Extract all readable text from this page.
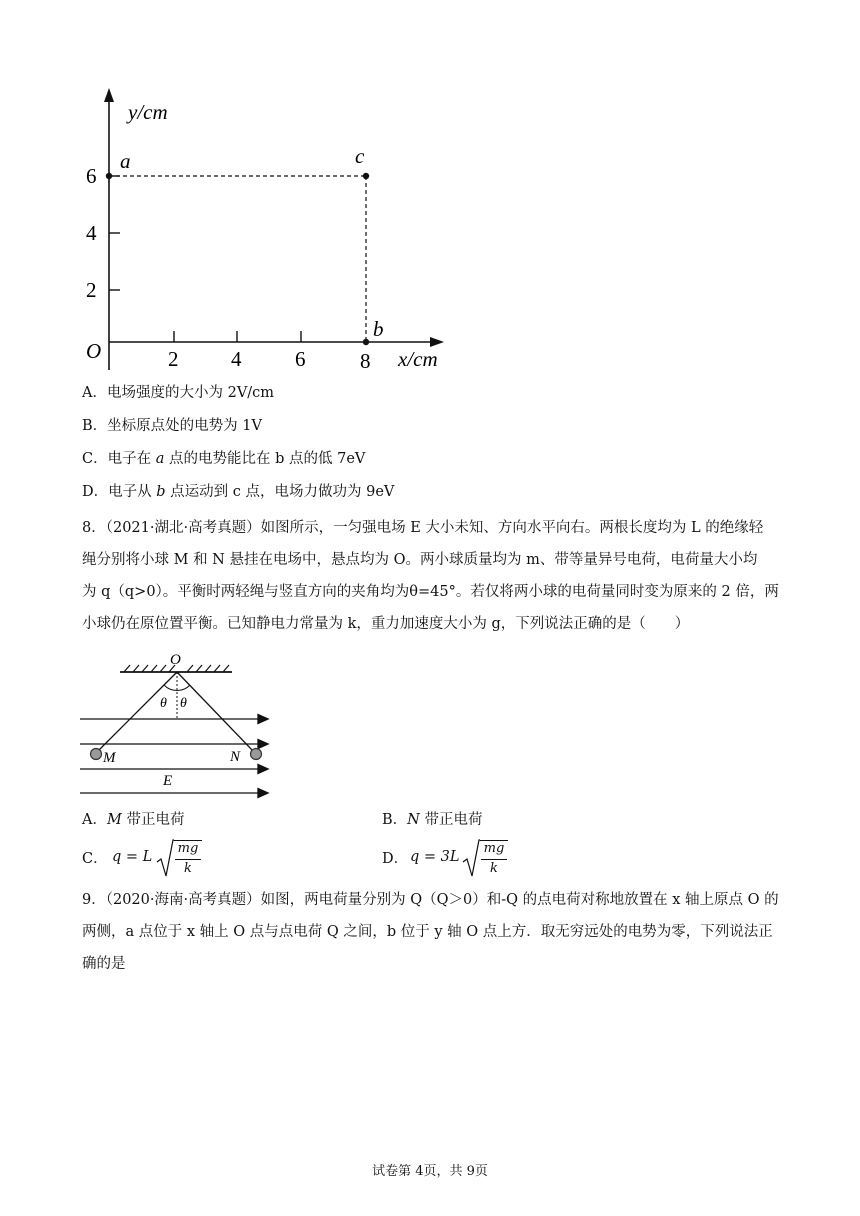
y/cm
x/cm
O
6
4
2
2	4	6	8
a	c
b
A．电场强度的大小为 2V/cm
B．坐标原点处的电势为 1V
C．电子在 a 点的电势能比在 b 点的低 7eV
D．电子从 b 点运动到 c 点，电场力做功为 9eV
8．（2021·湖北·高考真题）如图所示，一匀强电场 E 大小未知、方向水平向右。两根长度均为 L 的绝缘轻
绳分别将小球 M 和 N 悬挂在电场中，悬点均为 O。两小球质量均为 m、带等量异号电荷，电荷量大小均
为 q（q>0）。平衡时两轻绳与竖直方向的夹角均为θ=45°。若仅将两小球的电荷量同时变为原来的 2 倍，两
小球仍在原位置平衡。已知静电力常量为 k，重力加速度大小为 g，下列说法正确的是（　　）
O
θ θ
M	N
E
A．M 带正电荷	B．N 带正电荷
C． q = L
mg
k
D． q = 3L
mg
k
9．（2020·海南·高考真题）如图，两电荷量分别为 Q（Q＞0）和-Q 的点电荷对称地放置在 x 轴上原点 O 的
两侧，a 点位于 x 轴上 O 点与点电荷 Q 之间，b 位于 y 轴 O 点上方．取无穷远处的电势为零，下列说法正
确的是
试卷第 4页，共 9页
